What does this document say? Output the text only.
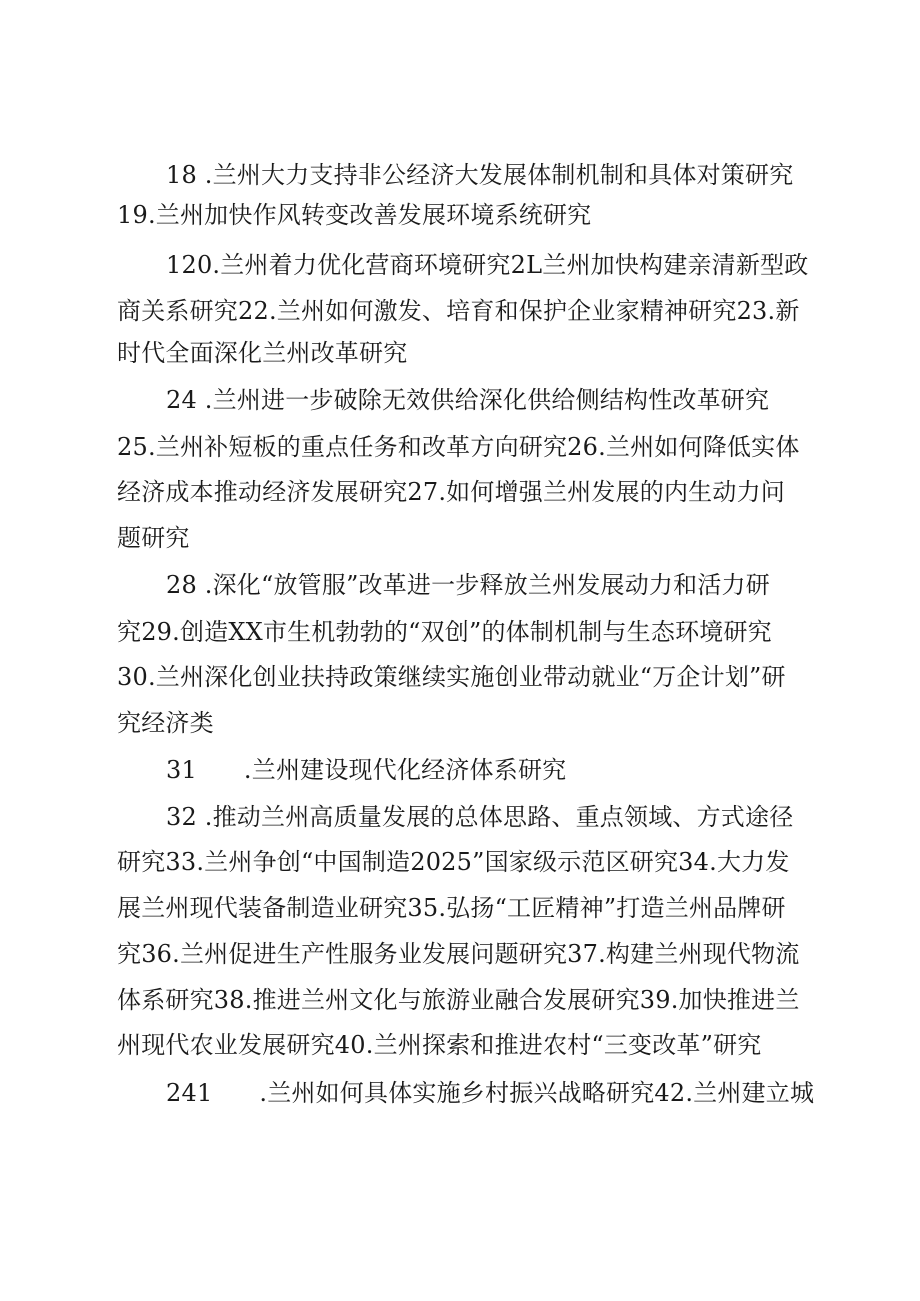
18 .兰州大力支持非公经济大发展体制机制和具体对策研究
19.兰州加快作风转变改善发展环境系统研究
120.兰州着力优化营商环境研究2L兰州加快构建亲清新型政
商关系研究22.兰州如何激发、培育和保护企业家精神研究23.新
时代全面深化兰州改革研究
24 .兰州进一步破除无效供给深化供给侧结构性改革研究
25.兰州补短板的重点任务和改革方向研究26.兰州如何降低实体
经济成本推动经济发展研究27.如何增强兰州发展的内生动力问
题研究
28 .深化“放管服”改革进一步释放兰州发展动力和活力研
究29.创造XX市生机勃勃的“双创”的体制机制与生态环境研究
30.兰州深化创业扶持政策继续实施创业带动就业“万企计划”研
究经济类
31      .兰州建设现代化经济体系研究
32 .推动兰州高质量发展的总体思路、重点领域、方式途径
研究33.兰州争创“中国制造2025”国家级示范区研究34.大力发
展兰州现代装备制造业研究35.弘扬“工匠精神”打造兰州品牌研
究36.兰州促进生产性服务业发展问题研究37.构建兰州现代物流
体系研究38.推进兰州文化与旅游业融合发展研究39.加快推进兰
州现代农业发展研究40.兰州探索和推进农村“三变改革”研究
241      .兰州如何具体实施乡村振兴战略研究42.兰州建立城
